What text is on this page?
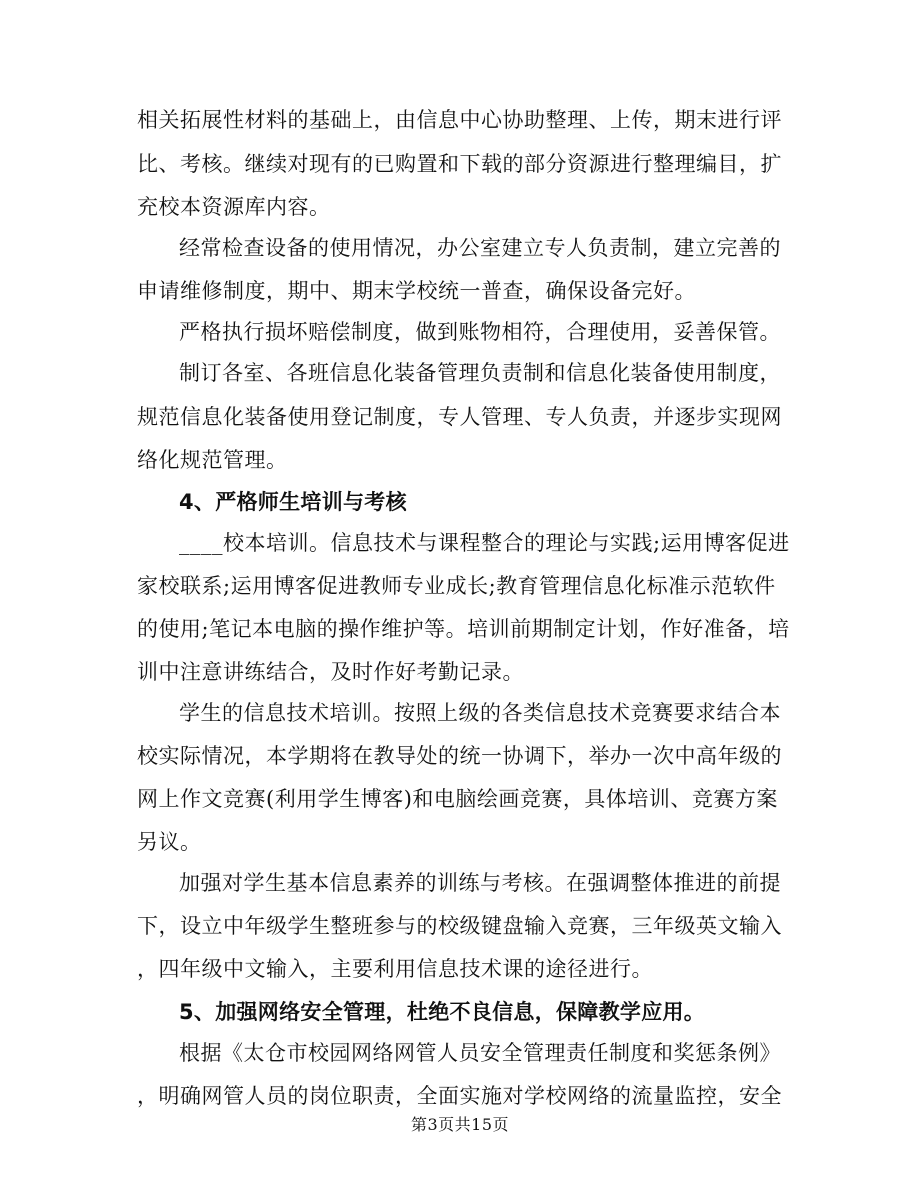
相关拓展性材料的基础上，由信息中心协助整理、上传，期末进行评

比、考核。继续对现有的已购置和下载的部分资源进行整理编目，扩

充校本资源库内容。

经常检查设备的使用情况，办公室建立专人负责制，建立完善的

申请维修制度，期中、期末学校统一普查，确保设备完好。

严格执行损坏赔偿制度，做到账物相符，合理使用，妥善保管。

制订各室、各班信息化装备管理负责制和信息化装备使用制度，

规范信息化装备使用登记制度，专人管理、专人负责，并逐步实现网

络化规范管理。

4、严格师生培训与考核

____校本培训。信息技术与课程整合的理论与实践;运用博客促进

家校联系;运用博客促进教师专业成长;教育管理信息化标准示范软件

的使用;笔记本电脑的操作维护等。培训前期制定计划，作好准备，培

训中注意讲练结合，及时作好考勤记录。

学生的信息技术培训。按照上级的各类信息技术竞赛要求结合本

校实际情况，本学期将在教导处的统一协调下，举办一次中高年级的

网上作文竞赛(利用学生博客)和电脑绘画竞赛，具体培训、竞赛方案

另议。

加强对学生基本信息素养的训练与考核。在强调整体推进的前提

下，设立中年级学生整班参与的校级键盘输入竞赛，三年级英文输入

，四年级中文输入，主要利用信息技术课的途径进行。

5、加强网络安全管理，杜绝不良信息，保障教学应用。

根据《太仓市校园网络网管人员安全管理责任制度和奖惩条例》

，明确网管人员的岗位职责，全面实施对学校网络的流量监控，安全

第3页共15页
